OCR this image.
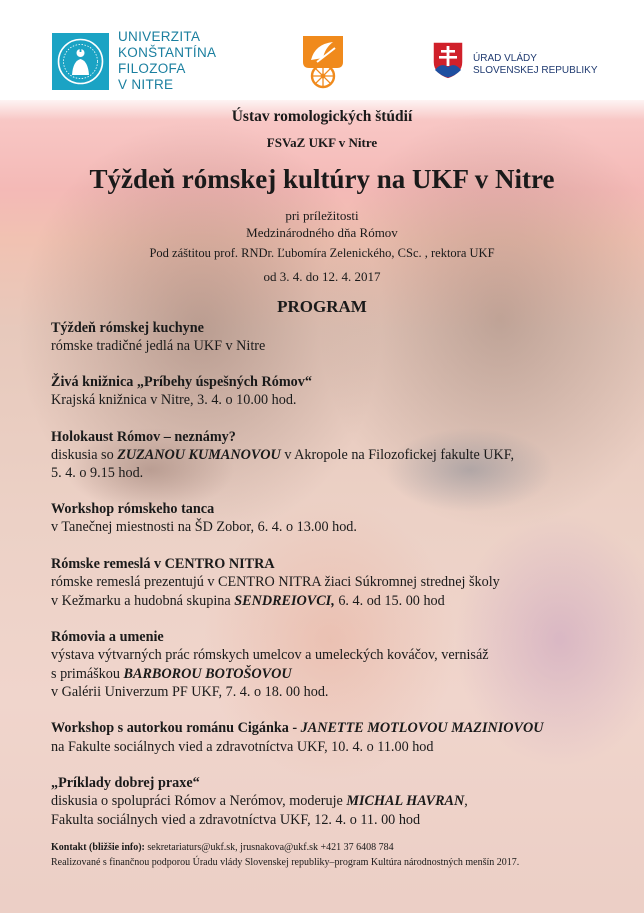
UNIVERZITA
KONŠTANTÍNA
FILOZOFA
V NITRE
ÚRAD VLÁDY
SLOVENSKEJ REPUBLIKY
Ústav romologických štúdií
FSVaZ UKF v Nitre
Týždeň rómskej kultúry na UKF v Nitre
pri príležitosti
Medzinárodného dňa Rómov
Pod záštitou prof. RNDr. Ľubomíra Zelenického, CSc. , rektora UKF
od 3. 4. do 12. 4. 2017
PROGRAM
Týždeň rómskej kuchyne
rómske tradičné jedlá na UKF v Nitre
Živá knižnica „Príbehy úspešných Rómov“
Krajská knižnica v Nitre, 3. 4. o 10.00 hod.
Holokaust Rómov – neznámy?
diskusia so ZUZANOU KUMANOVOU v Akropole na Filozofickej fakulte UKF,
5. 4. o 9.15 hod.
Workshop rómskeho tanca
v Tanečnej miestnosti na ŠD Zobor, 6. 4. o 13.00 hod.
Rómske remeslá v CENTRO NITRA
rómske remeslá prezentujú v CENTRO NITRA žiaci Súkromnej strednej školy
v Kežmarku a hudobná skupina SENDREIOVCI, 6. 4. od 15. 00 hod
Rómovia a umenie
výstava výtvarných prác rómskych umelcov a umeleckých kováčov, vernisáž
s primáškou BARBOROU BOTOŠOVOU
v Galérii Univerzum PF UKF, 7. 4. o 18. 00 hod.
Workshop s autorkou románu Cigánka - JANETTE MOTLOVOU MAZINIOVOU
na Fakulte sociálnych vied a zdravotníctva UKF, 10. 4. o 11.00 hod
„Príklady dobrej praxe“
diskusia o spolupráci Rómov a Nerómov, moderuje MICHAL HAVRAN,
Fakulta sociálnych vied a zdravotníctva UKF, 12. 4. o 11. 00 hod
Kontakt (bližšie info): sekretariaturs@ukf.sk, jrusnakova@ukf.sk +421 37 6408 784
Realizované s finančnou podporou Úradu vlády Slovenskej republiky–program Kultúra národnostných menšín 2017.
